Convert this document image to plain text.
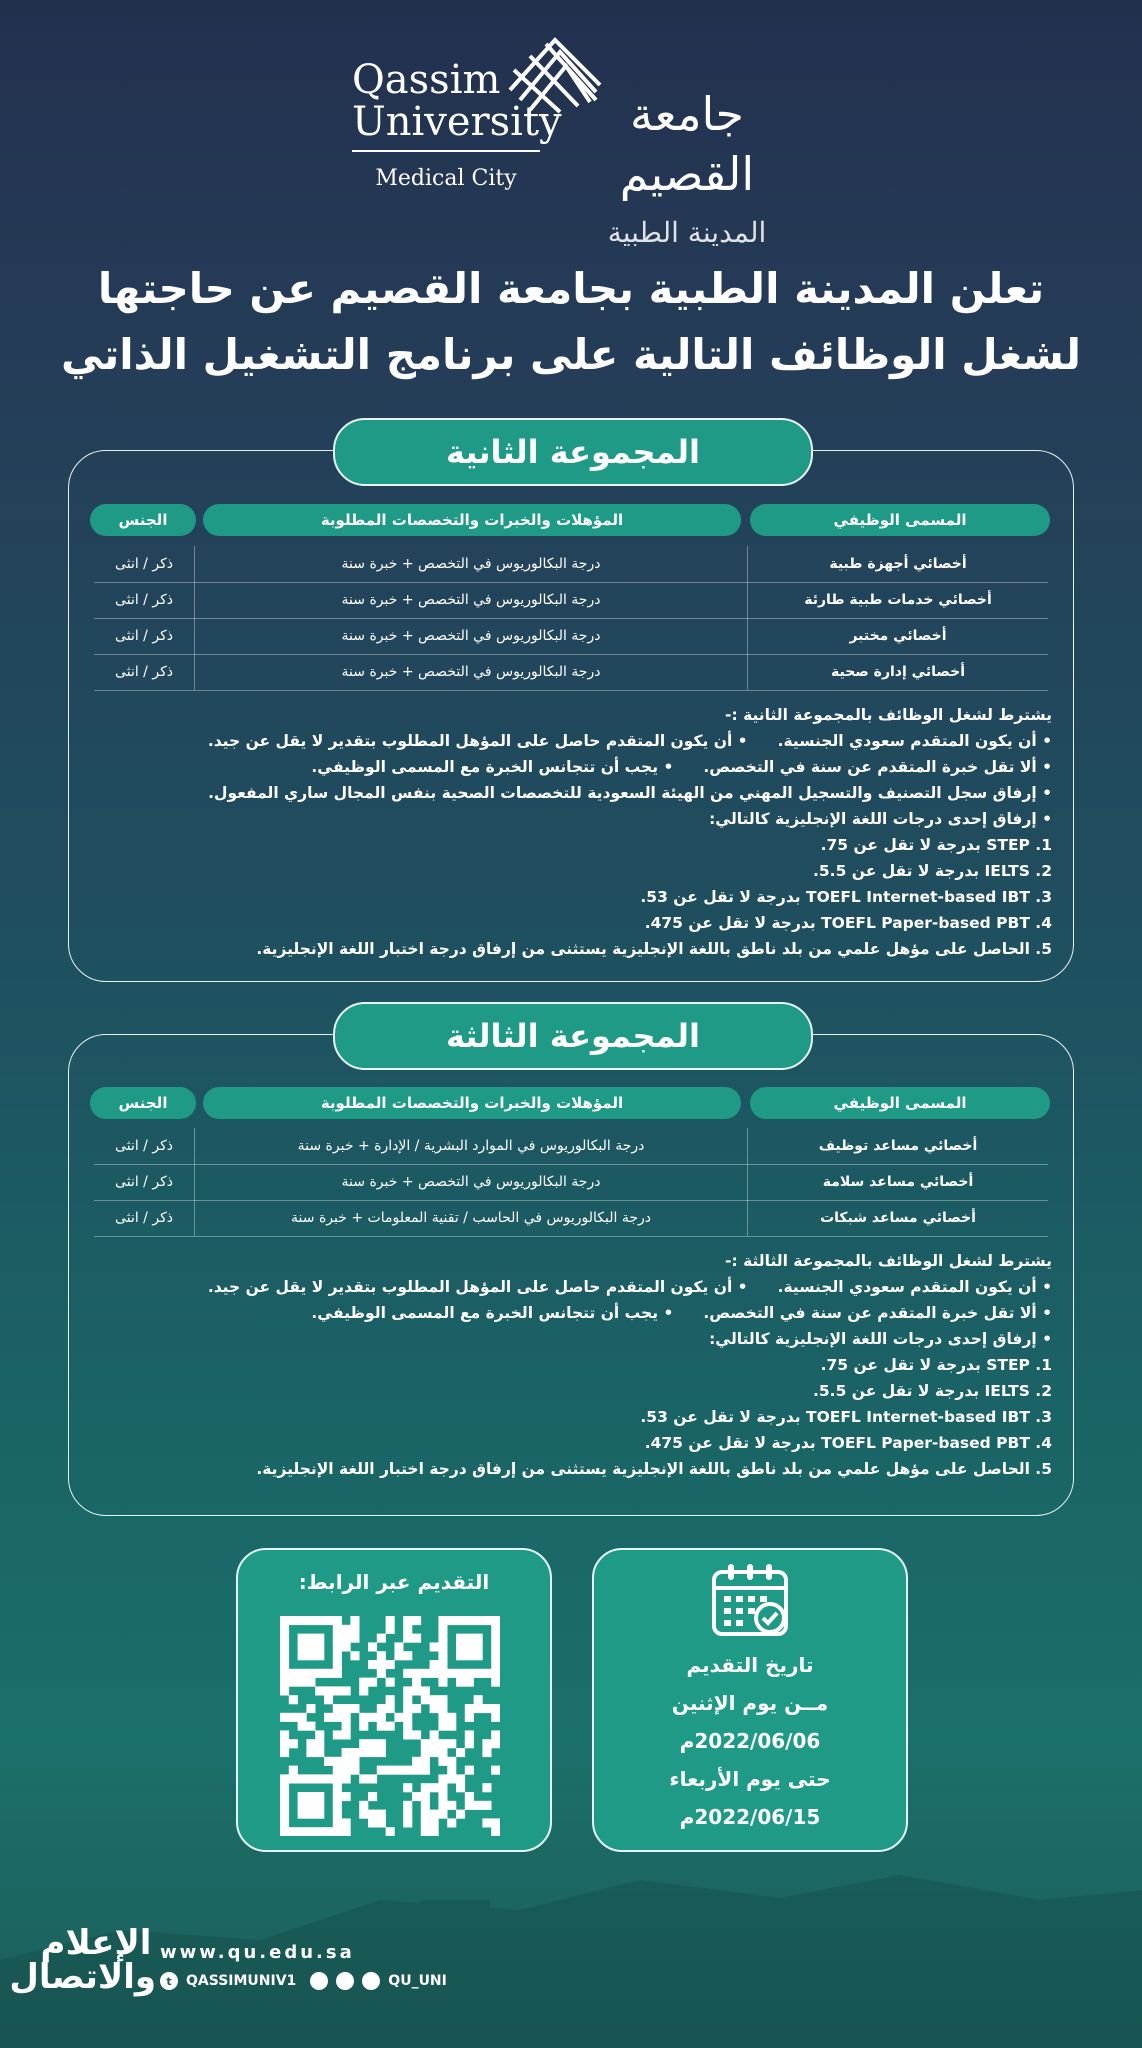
Qassim
University
Medical City
جامعة القصيم
المدينة الطبية
تعلن المدينة الطبية بجامعة القصيم عن حاجتها
لشغل الوظائف التالية على برنامج التشغيل الذاتي
المجموعة الثانية
المسمى الوظيفي
المؤهلات والخبرات والتخصصات المطلوبة
الجنس
أخصائي أجهزة طبية
درجة البكالوريوس في التخصص + خبرة سنة
ذكر / انثى
أخصائي خدمات طبية طارئة
درجة البكالوريوس في التخصص + خبرة سنة
ذكر / انثى
أخصائي مختبر
درجة البكالوريوس في التخصص + خبرة سنة
ذكر / انثى
أخصائي إدارة صحية
درجة البكالوريوس في التخصص + خبرة سنة
ذكر / انثى
يشترط لشغل الوظائف بالمجموعة الثانية :-
• أن يكون المتقدم سعودي الجنسية.
• أن يكون المتقدم حاصل على المؤهل المطلوب بتقدير لا يقل عن جيد.
• ألا تقل خبرة المتقدم عن سنة في التخصص.
• يجب أن تتجانس الخبرة مع المسمى الوظيفي.
• إرفاق سجل التصنيف والتسجيل المهني من الهيئة السعودية للتخصصات الصحية بنفس المجال ساري المفعول.
• إرفاق إحدى درجات اللغة الإنجليزية كالتالي:
1. STEP بدرجة لا تقل عن 75.
2. IELTS بدرجة لا تقل عن 5.5.
3. TOEFL Internet-based IBT بدرجة لا تقل عن 53.
4. TOEFL Paper-based PBT بدرجة لا تقل عن 475.
5. الحاصل على مؤهل علمي من بلد ناطق باللغة الإنجليزية يستثنى من إرفاق درجة اختبار اللغة الإنجليزية.
المجموعة الثالثة
المسمى الوظيفي
المؤهلات والخبرات والتخصصات المطلوبة
الجنس
أخصائي مساعد توظيف
درجة البكالوريوس في الموارد البشرية / الإدارة + خبرة سنة
ذكر / انثى
أخصائي مساعد سلامة
درجة البكالوريوس في التخصص + خبرة سنة
ذكر / انثى
أخصائي مساعد شبكات
درجة البكالوريوس في الحاسب / تقنية المعلومات + خبرة سنة
ذكر / انثى
يشترط لشغل الوظائف بالمجموعة الثالثة :-
• أن يكون المتقدم سعودي الجنسية.
• أن يكون المتقدم حاصل على المؤهل المطلوب بتقدير لا يقل عن جيد.
• ألا تقل خبرة المتقدم عن سنة في التخصص.
• يجب أن تتجانس الخبرة مع المسمى الوظيفي.
• إرفاق إحدى درجات اللغة الإنجليزية كالتالي:
1. STEP بدرجة لا تقل عن 75.
2. IELTS بدرجة لا تقل عن 5.5.
3. TOEFL Internet-based IBT بدرجة لا تقل عن 53.
4. TOEFL Paper-based PBT بدرجة لا تقل عن 475.
5. الحاصل على مؤهل علمي من بلد ناطق باللغة الإنجليزية يستثنى من إرفاق درجة اختبار اللغة الإنجليزية.
تاريخ التقديم
مــن يوم الإثنين
2022/06/06م
حتى يوم الأربعاء
2022/06/15م
التقديم عبر الرابط:
الإعلام والاتصال
www.qu.edu.sa
t	QASSIMUNIV1	QU_UNI
